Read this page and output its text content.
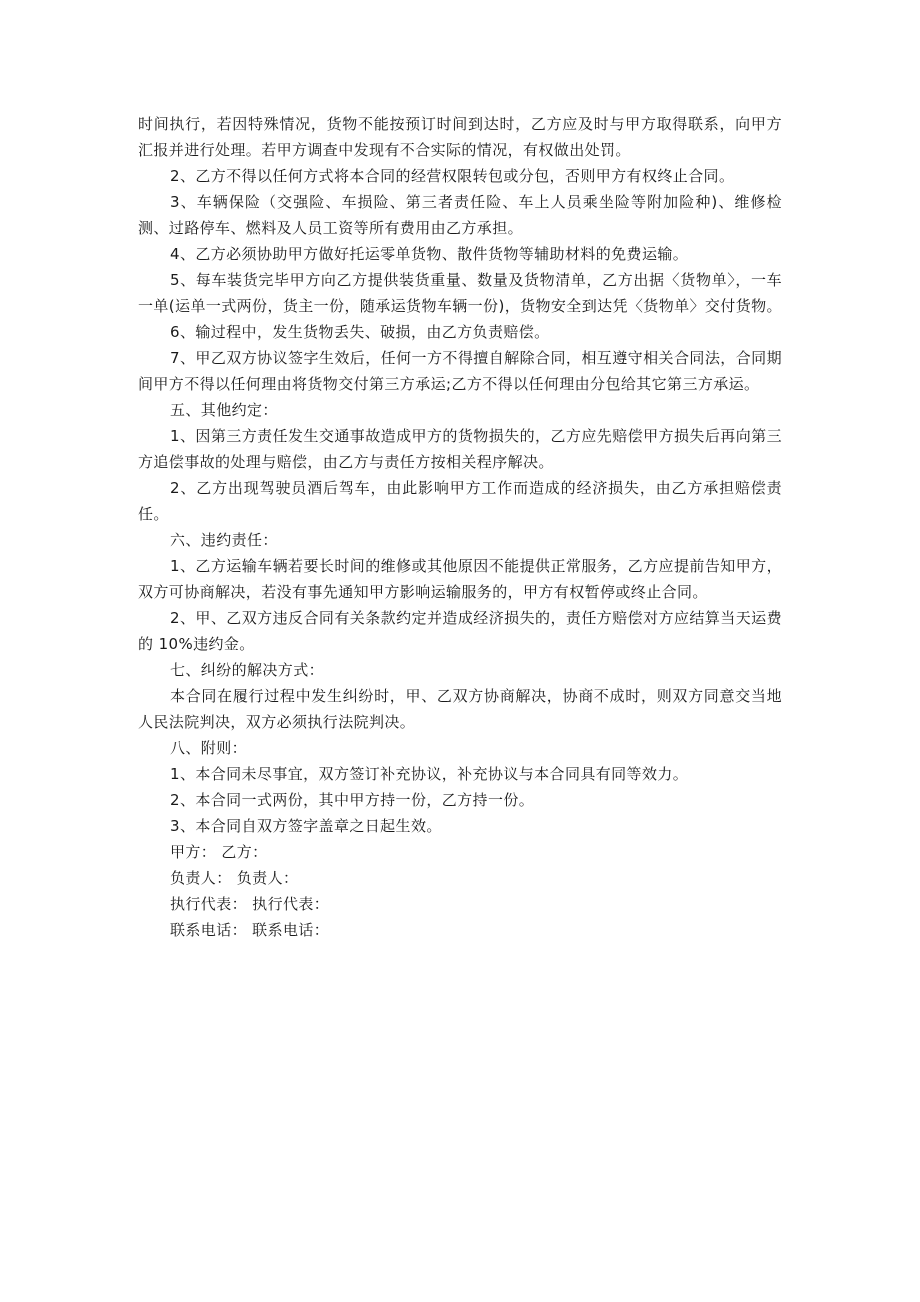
时间执行，若因特殊情况，货物不能按预订时间到达时，乙方应及时与甲方取得联系，向甲方汇报并进行处理。若甲方调查中发现有不合实际的情况，有权做出处罚。

2、乙方不得以任何方式将本合同的经营权限转包或分包，否则甲方有权终止合同。

3、车辆保险（交强险、车损险、第三者责任险、车上人员乘坐险等附加险种)、维修检测、过路停车、燃料及人员工资等所有费用由乙方承担。

4、乙方必须协助甲方做好托运零单货物、散件货物等辅助材料的免费运输。

5、每车装货完毕甲方向乙方提供装货重量、数量及货物清单，乙方出据〈货物单〉，一车一单(运单一式两份，货主一份，随承运货物车辆一份)，货物安全到达凭〈货物单〉交付货物。

6、输过程中，发生货物丢失、破损，由乙方负责赔偿。

7、甲乙双方协议签字生效后，任何一方不得擅自解除合同，相互遵守相关合同法，合同期间甲方不得以任何理由将货物交付第三方承运;乙方不得以任何理由分包给其它第三方承运。

五、其他约定：

1、因第三方责任发生交通事故造成甲方的货物损失的，乙方应先赔偿甲方损失后再向第三方追偿事故的处理与赔偿，由乙方与责任方按相关程序解决。

2、乙方出现驾驶员酒后驾车，由此影响甲方工作而造成的经济损失，由乙方承担赔偿责任。

六、违约责任：

1、乙方运输车辆若要长时间的维修或其他原因不能提供正常服务，乙方应提前告知甲方，双方可协商解决，若没有事先通知甲方影响运输服务的，甲方有权暂停或终止合同。

2、甲、乙双方违反合同有关条款约定并造成经济损失的，责任方赔偿对方应结算当天运费的 10%违约金。

七、纠纷的解决方式：

本合同在履行过程中发生纠纷时，甲、乙双方协商解决，协商不成时，则双方同意交当地人民法院判决，双方必须执行法院判决。

八、附则：

1、本合同未尽事宜，双方签订补充协议，补充协议与本合同具有同等效力。

2、本合同一式两份，其中甲方持一份，乙方持一份。

3、本合同自双方签字盖章之日起生效。

甲方： 乙方：

负责人： 负责人：

执行代表： 执行代表：

联系电话： 联系电话：
